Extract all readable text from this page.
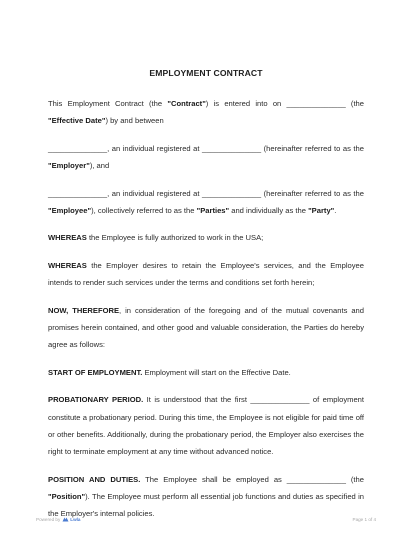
EMPLOYMENT CONTRACT

This Employment Contract (the "Contract") is entered into on ______________ (the "Effective Date") by and between

______________, an individual registered at ______________ (hereinafter referred to as the "Employer"), and

______________, an individual registered at ______________ (hereinafter referred to as the "Employee"), collectively referred to as the "Parties" and individually as the "Party".

WHEREAS the Employee is fully authorized to work in the USA;

WHEREAS the Employer desires to retain the Employee's services, and the Employee intends to render such services under the terms and conditions set forth herein;

NOW, THEREFORE, in consideration of the foregoing and of the mutual covenants and promises herein contained, and other good and valuable consideration, the Parties do hereby agree as follows:

START OF EMPLOYMENT. Employment will start on the Effective Date.

PROBATIONARY PERIOD. It is understood that the first ______________ of employment constitute a probationary period. During this time, the Employee is not eligible for paid time off or other benefits. Additionally, during the probationary period, the Employer also exercises the right to terminate employment at any time without advanced notice.

POSITION AND DUTIES. The Employee shall be employed as ______________ (the "Position"). The Employee must perform all essential job functions and duties as specified in the Employer's internal policies.

Powered by Lwla	Page 1 of 4
